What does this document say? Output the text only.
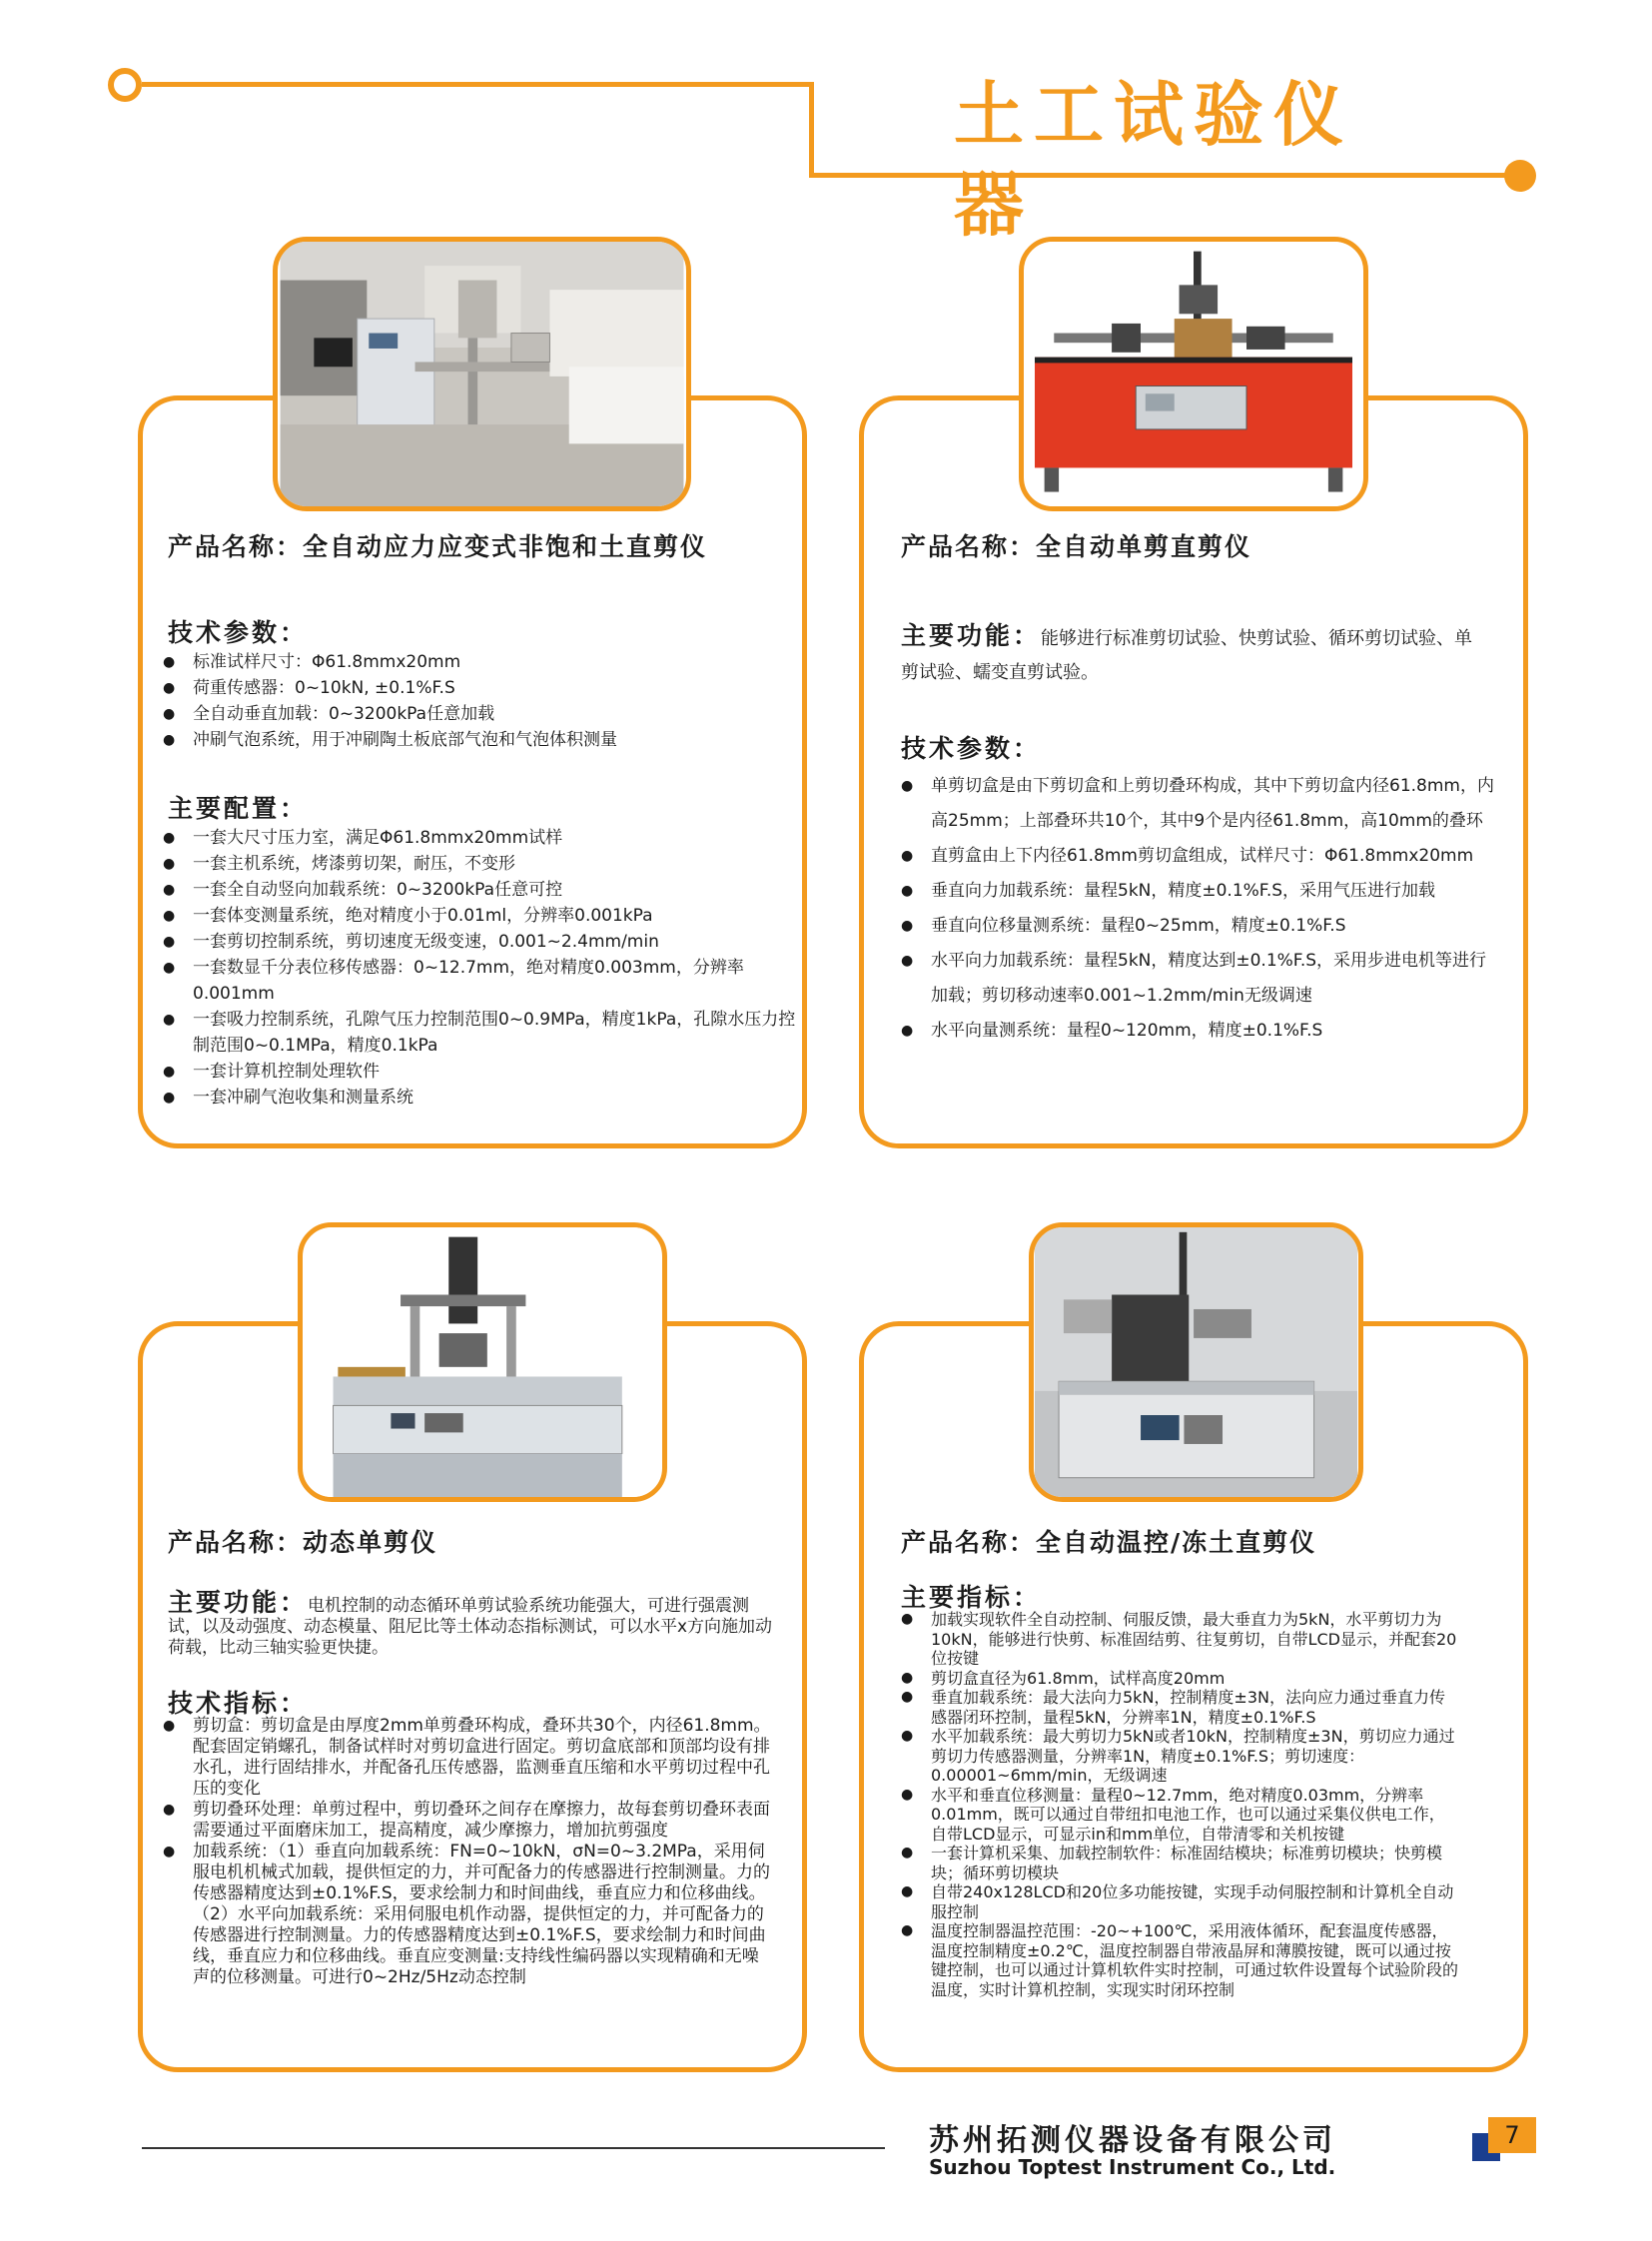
土工试验仪器
产品名称：全自动应力应变式非饱和土直剪仪
技术参数：
● 标准试样尺寸：Φ61.8mmx20mm
● 荷重传感器：0~10kN, ±0.1%F.S
● 全自动垂直加载：0~3200kPa任意加载
● 冲刷气泡系统，用于冲刷陶土板底部气泡和气泡体积测量
主要配置：
● 一套大尺寸压力室，满足Φ61.8mmx20mm试样
● 一套主机系统，烤漆剪切架，耐压，不变形
● 一套全自动竖向加载系统：0~3200kPa任意可控
● 一套体变测量系统，绝对精度小于0.01ml，分辨率0.001kPa
● 一套剪切控制系统，剪切速度无级变速，0.001~2.4mm/min
● 一套数显千分表位移传感器：0~12.7mm，绝对精度0.003mm，分辨率0.001mm
● 一套吸力控制系统，孔隙气压力控制范围0~0.9MPa，精度1kPa，孔隙水压力控制范围0~0.1MPa，精度0.1kPa
● 一套计算机控制处理软件
● 一套冲刷气泡收集和测量系统
产品名称：全自动单剪直剪仪
主要功能：能够进行标准剪切试验、快剪试验、循环剪切试验、单剪试验、蠕变直剪试验。
技术参数：
● 单剪切盒是由下剪切盒和上剪切叠环构成，其中下剪切盒内径61.8mm，内高25mm；上部叠环共10个，其中9个是内径61.8mm，高10mm的叠环
● 直剪盒由上下内径61.8mm剪切盒组成，试样尺寸：Φ61.8mmx20mm
● 垂直向力加载系统：量程5kN，精度±0.1%F.S，采用气压进行加载
● 垂直向位移量测系统：量程0~25mm，精度±0.1%F.S
● 水平向力加载系统：量程5kN，精度达到±0.1%F.S，采用步进电机等进行加载；剪切移动速率0.001~1.2mm/min无级调速
● 水平向量测系统：量程0~120mm，精度±0.1%F.S
产品名称：动态单剪仪
主要功能：电机控制的动态循环单剪试验系统功能强大，可进行强震测试，以及动强度、动态模量、阻尼比等土体动态指标测试，可以水平x方向施加动荷载，比动三轴实验更快捷。
技术指标：
● 剪切盒：剪切盒是由厚度2mm单剪叠环构成，叠环共30个，内径61.8mm。配套固定销螺孔，制备试样时对剪切盒进行固定。剪切盒底部和顶部均设有排水孔，进行固结排水，并配备孔压传感器，监测垂直压缩和水平剪切过程中孔压的变化
● 剪切叠环处理：单剪过程中，剪切叠环之间存在摩擦力，故每套剪切叠环表面需要通过平面磨床加工，提高精度，减少摩擦力，增加抗剪强度
● 加载系统：（1）垂直向加载系统：FN=0~10kN，σN=0~3.2MPa，采用伺服电机机械式加载，提供恒定的力，并可配备力的传感器进行控制测量。力的传感器精度达到±0.1%F.S，要求绘制力和时间曲线，垂直应力和位移曲线。（2）水平向加载系统：采用伺服电机作动器，提供恒定的力，并可配备力的传感器进行控制测量。力的传感器精度达到±0.1%F.S，要求绘制力和时间曲线，垂直应力和位移曲线。垂直应变测量:支持线性编码器以实现精确和无噪声的位移测量。可进行0~2Hz/5Hz动态控制
产品名称：全自动温控/冻土直剪仪
主要指标：
● 加载实现软件全自动控制、伺服反馈，最大垂直力为5kN，水平剪切力为10kN，能够进行快剪、标准固结剪、往复剪切，自带LCD显示，并配套20位按键
● 剪切盒直径为61.8mm，试样高度20mm
● 垂直加载系统：最大法向力5kN，控制精度±3N，法向应力通过垂直力传感器闭环控制，量程5kN，分辨率1N，精度±0.1%F.S
● 水平加载系统：最大剪切力5kN或者10kN，控制精度±3N，剪切应力通过剪切力传感器测量，分辨率1N，精度±0.1%F.S；剪切速度：0.00001~6mm/min，无级调速
● 水平和垂直位移测量：量程0~12.7mm，绝对精度0.03mm，分辨率0.01mm，既可以通过自带纽扣电池工作，也可以通过采集仪供电工作，自带LCD显示，可显示in和mm单位，自带清零和关机按键
● 一套计算机采集、加载控制软件：标准固结模块；标准剪切模块；快剪模块；循环剪切模块
● 自带240x128LCD和20位多功能按键，实现手动伺服控制和计算机全自动服控制
● 温度控制器温控范围：-20~+100℃，采用液体循环，配套温度传感器，温度控制精度±0.2℃，温度控制器自带液晶屏和薄膜按键，既可以通过按键控制，也可以通过计算机软件实时控制，可通过软件设置每个试验阶段的温度，实时计算机控制，实现实时闭环控制
苏州拓测仪器设备有限公司
Suzhou Toptest Instrument Co., Ltd.
7
